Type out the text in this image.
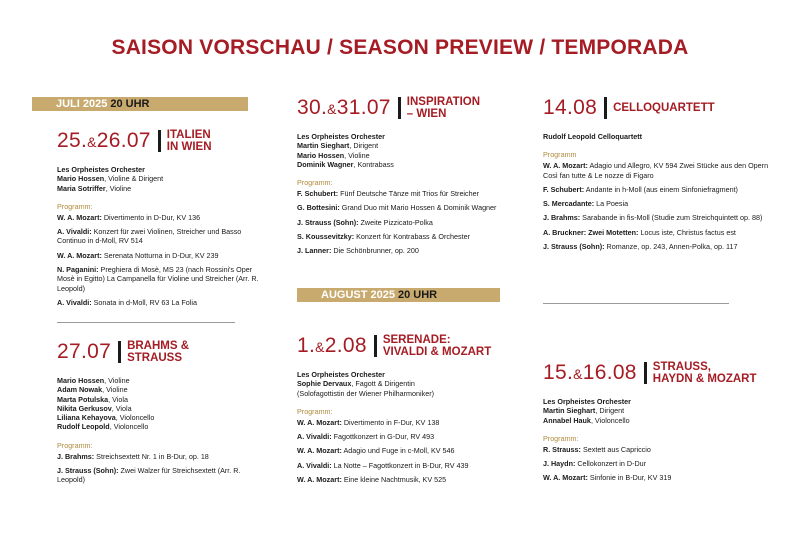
SAISON VORSCHAU / SEASON PREVIEW / TEMPORADA
JULI 2025 20 UHR
AUGUST 2025 20 UHR
25.&26.07 ITALIEN
IN WIEN

Les Orpheistes Orchester

Mario Hossen, Violine & Dirigent

Maria Sotriffer, Violine

Programm:
W. A. Mozart: Divertimento in D-Dur, KV 136
A. Vivaldi: Konzert für zwei Violinen, Streicher und Basso Continuo in d-Moll, RV 514
W. A. Mozart: Serenata Notturna in D-Dur, KV 239
N. Paganini: Preghiera di Mosè, MS 23 (nach Rossini's Oper Mosè in Egitto) La Campanella für Violine und Streicher (Arr. R. Leopold)
A. Vivaldi: Sonata in d-Moll, RV 63 La Folia
27.07 BRAHMS &
STRAUSS

Mario Hossen, Violine

Adam Nowak, Violine

Marta Potulska, Viola

Nikita Gerkusov, Viola

Liliana Kehayova, Violoncello

Rudolf Leopold, Violoncello

Programm:
J. Brahms: Streichsextett Nr. 1 in B-Dur, op. 18
J. Strauss (Sohn): Zwei Walzer für Streichsextett (Arr. R. Leopold)
30.&31.07 INSPIRATION
– WIEN

Les Orpheistes Orchester

Martin Sieghart, Dirigent

Mario Hossen, Violine

Dominik Wagner, Kontrabass

Programm:
F. Schubert: Fünf Deutsche Tänze mit Trios für Streicher
G. Bottesini: Grand Duo mit Mario Hossen & Dominik Wagner
J. Strauss (Sohn): Zweite Pizzicato-Polka
S. Koussevitzky: Konzert für Kontrabass & Orchester
J. Lanner: Die Schönbrunner, op. 200
1.&2.08 SERENADE:
VIVALDI & MOZART

Les Orpheistes Orchester

Sophie Dervaux, Fagott & Dirigentin

(Solofagottistin der Wiener Philharmoniker)

Programm:
W. A. Mozart: Divertimento in F-Dur, KV 138
A. Vivaldi: Fagottkonzert in G-Dur, RV 493
W. A. Mozart: Adagio und Fuge in c-Moll, KV 546
A. Vivaldi: La Notte – Fagottkonzert in B-Dur, RV 439
W. A. Mozart: Eine kleine Nachtmusik, KV 525
14.08 CELLOQUARTETT

Rudolf Leopold Celloquartett

Programm
W. A. Mozart: Adagio und Allegro, KV 594 Zwei Stücke aus den Opern Così fan tutte & Le nozze di Figaro
F. Schubert: Andante in h-Moll (aus einem Sinfoniefragment)
S. Mercadante: La Poesia
J. Brahms: Sarabande in fis-Moll (Studie zum Streichquintett op. 88)
A. Bruckner: Zwei Motetten: Locus iste, Christus factus est
J. Strauss (Sohn): Romanze, op. 243, Annen-Polka, op. 117
15.&16.08 STRAUSS,
HAYDN & MOZART

Les Orpheistes Orchester

Martin Sieghart, Dirigent

Annabel Hauk, Violoncello

Programm:
R. Strauss: Sextett aus Capriccio
J. Haydn: Cellokonzert in D-Dur
W. A. Mozart: Sinfonie in B-Dur, KV 319
